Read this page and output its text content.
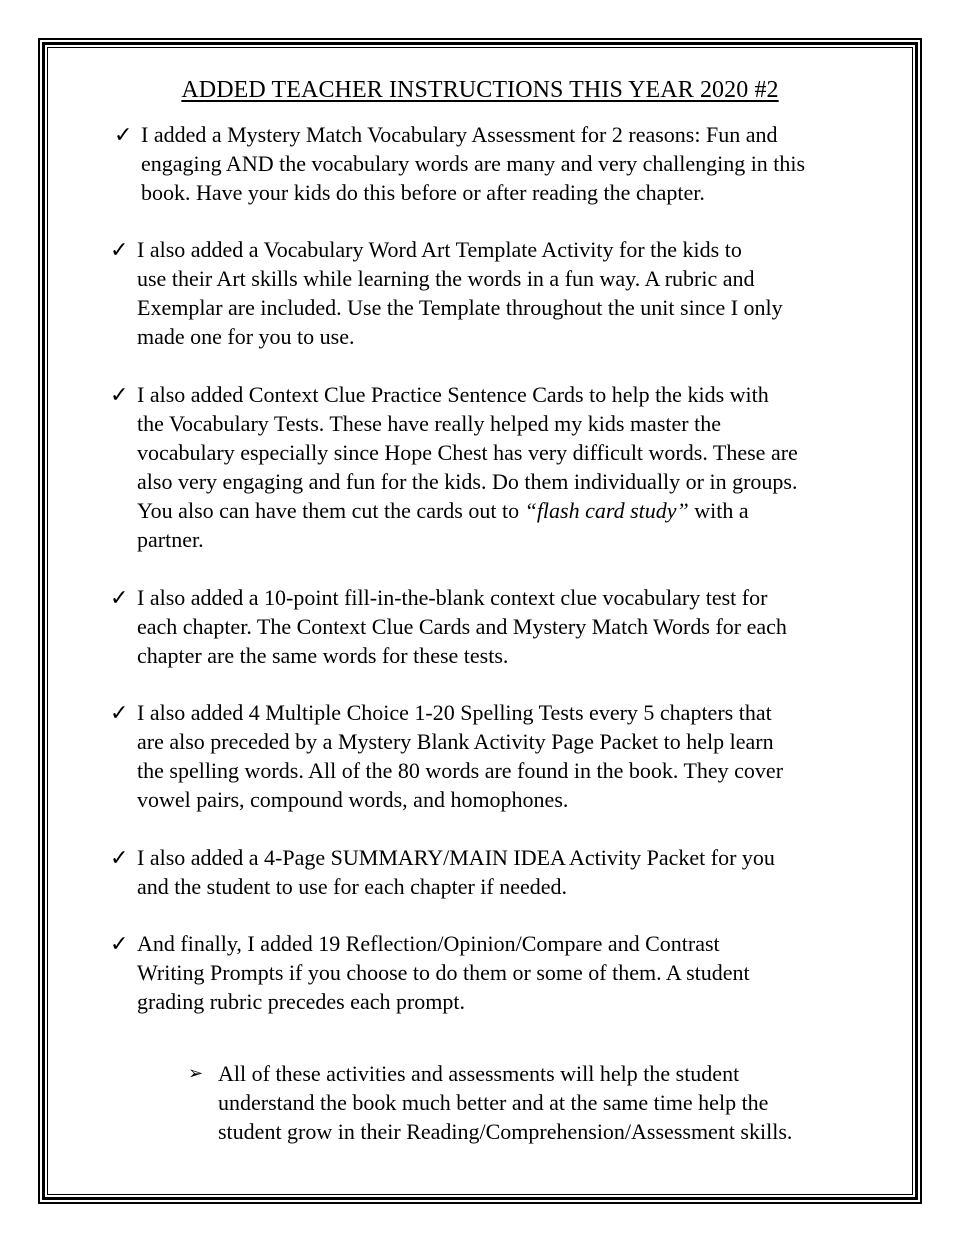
ADDED TEACHER INSTRUCTIONS THIS YEAR 2020 #2
✓ I added a Mystery Match Vocabulary Assessment for 2 reasons: Fun and
engaging AND the vocabulary words are many and very challenging in this
book. Have your kids do this before or after reading the chapter.
✓ I also added a Vocabulary Word Art Template Activity for the kids to
use their Art skills while learning the words in a fun way. A rubric and
Exemplar are included. Use the Template throughout the unit since I only
made one for you to use.
✓ I also added Context Clue Practice Sentence Cards to help the kids with
the Vocabulary Tests. These have really helped my kids master the
vocabulary especially since Hope Chest has very difficult words. These are
also very engaging and fun for the kids. Do them individually or in groups.
You also can have them cut the cards out to “flash card study” with a
partner.
✓ I also added a 10-point fill-in-the-blank context clue vocabulary test for
each chapter. The Context Clue Cards and Mystery Match Words for each
chapter are the same words for these tests.
✓ I also added 4 Multiple Choice 1-20 Spelling Tests every 5 chapters that
are also preceded by a Mystery Blank Activity Page Packet to help learn
the spelling words. All of the 80 words are found in the book. They cover
vowel pairs, compound words, and homophones.
✓ I also added a 4-Page SUMMARY/MAIN IDEA Activity Packet for you
and the student to use for each chapter if needed.
✓ And finally, I added 19 Reflection/Opinion/Compare and Contrast
Writing Prompts if you choose to do them or some of them. A student
grading rubric precedes each prompt.
➢ All of these activities and assessments will help the student
understand the book much better and at the same time help the
student grow in their Reading/Comprehension/Assessment skills.
